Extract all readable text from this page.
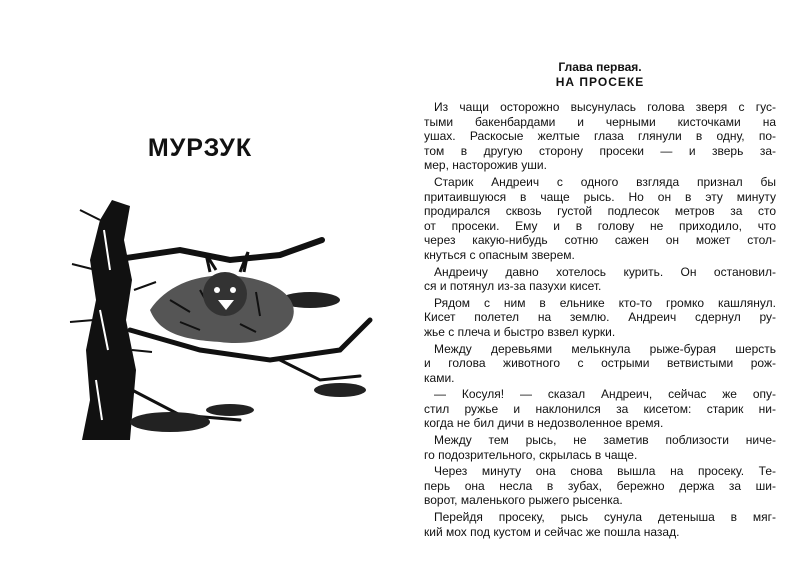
МУРЗУК
Глава первая.
НА ПРОСЕКЕ

Из чащи осторожно высунулась голова зверя с гус-
тыми бакенбардами и черными кисточками на
ушах. Раскосые желтые глаза глянули в одну, по-
том в другую сторону просеки — и зверь за-
мер, насторожив уши.

Старик Андреич с одного взгляда признал бы
притаившуюся в чаще рысь. Но он в эту минуту
продирался сквозь густой подлесок метров за сто
от просеки. Ему и в голову не приходило, что
через какую-нибудь сотню сажен он может стол-
кнуться с опасным зверем.

Андреичу давно хотелось курить. Он остановил-
ся и потянул из-за пазухи кисет.

Рядом с ним в ельнике кто-то громко кашлянул.
Кисет полетел на землю. Андреич сдернул ру-
жье с плеча и быстро взвел курки.

Между деревьями мелькнула рыже-бурая шерсть
и голова животного с острыми ветвистыми рож-
ками.

— Косуля! — сказал Андреич, сейчас же опу-
стил ружье и наклонился за кисетом: старик ни-
когда не бил дичи в недозволенное время.

Между тем рысь, не заметив поблизости ниче-
го подозрительного, скрылась в чаще.

Через минуту она снова вышла на просеку. Те-
перь она несла в зубах, бережно держа за ши-
ворот, маленького рыжего рысенка.

Перейдя просеку, рысь сунула детеныша в мяг-
кий мох под кустом и сейчас же пошла назад.
